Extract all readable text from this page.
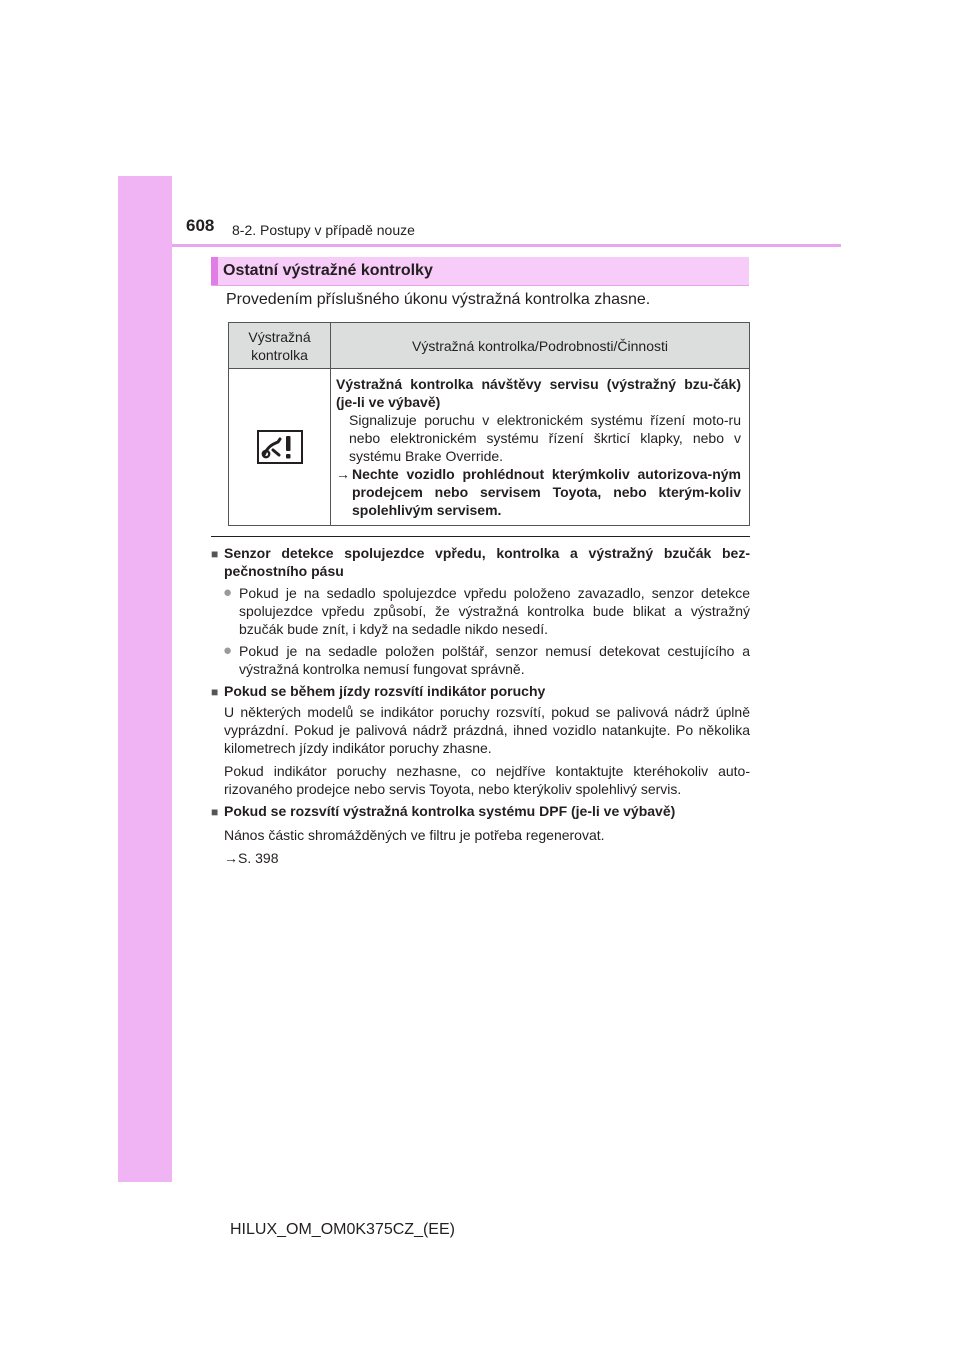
608 8-2. Postupy v případě nouze
Ostatní výstražné kontrolky
Provedením příslušného úkonu výstražná kontrolka zhasne.
Výstražná kontrolka	Výstražná kontrolka/Podrobnosti/Činnosti

Výstražná kontrolka návštěvy servisu (výstražný bzu-čák) (je-li ve výbavě)
Signalizuje poruchu v elektronickém systému řízení moto-ru nebo elektronickém systému řízení škrticí klapky, nebo v systému Brake Override.
→ Nechte vozidlo prohlédnout kterýmkoliv autorizova-ným prodejcem nebo servisem Toyota, nebo kterým-koliv spolehlivým servisem.
■ Senzor detekce spolujezdce vpředu, kontrolka a výstražný bzučák bez-pečnostního pásu
● Pokud je na sedadlo spolujezdce vpředu položeno zavazadlo, senzor detekce spolujezdce vpředu způsobí, že výstražná kontrolka bude blikat a výstražný bzučák bude znít, i když na sedadle nikdo nesedí.
● Pokud je na sedadle položen polštář, senzor nemusí detekovat cestujícího a výstražná kontrolka nemusí fungovat správně.
■ Pokud se během jízdy rozsvítí indikátor poruchy
U některých modelů se indikátor poruchy rozsvítí, pokud se palivová nádrž úplně vyprázdní. Pokud je palivová nádrž prázdná, ihned vozidlo natankujte. Po několika kilometrech jízdy indikátor poruchy zhasne.
Pokud indikátor poruchy nezhasne, co nejdříve kontaktujte kteréhokoliv auto-rizovaného prodejce nebo servis Toyota, nebo kterýkoliv spolehlivý servis.
■ Pokud se rozsvítí výstražná kontrolka systému DPF (je-li ve výbavě)
Nános částic shromážděných ve filtru je potřeba regenerovat.
→S. 398
HILUX_OM_OM0K375CZ_(EE)
